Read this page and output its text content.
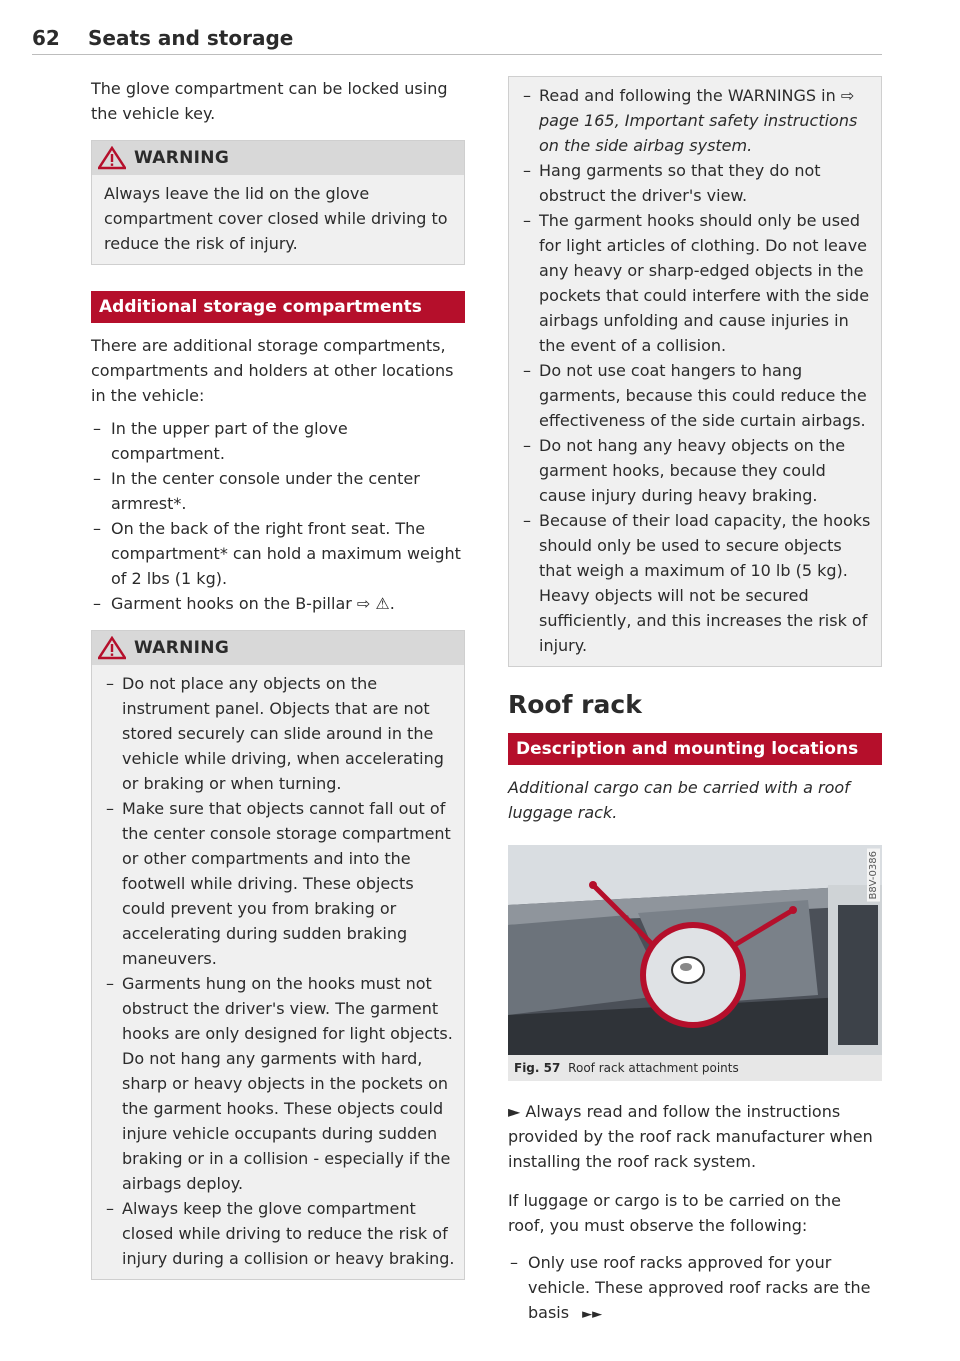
62 Seats and storage

The glove compartment can be locked using the vehicle key.

WARNING

Always leave the lid on the glove compartment cover closed while driving to reduce the risk of injury.

Additional storage compartments

There are additional storage compartments, compartments and holders at other locations in the vehicle:

– In the upper part of the glove compartment.
– In the center console under the center armrest*.
– On the back of the right front seat. The compartment* can hold a maximum weight of 2 lbs (1 kg).
– Garment hooks on the B-pillar ⇨ ⚠.
WARNING
– Do not place any objects on the instrument panel. Objects that are not stored securely can slide around in the vehicle while driving, when accelerating or braking or when turning.
– Make sure that objects cannot fall out of the center console storage compartment or other compartments and into the footwell while driving. These objects could prevent you from braking or accelerating during sudden braking maneuvers.
– Garments hung on the hooks must not obstruct the driver's view. The garment hooks are only designed for light objects. Do not hang any garments with hard, sharp or heavy objects in the pockets on the garment hooks. These objects could injure vehicle occupants during sudden braking or in a collision - especially if the airbags deploy.
– Always keep the glove compartment closed while driving to reduce the risk of injury during a collision or heavy braking.
– Read and following the WARNINGS in ⇨ page 165, Important safety instructions on the side airbag system.
– Hang garments so that they do not obstruct the driver's view.
– The garment hooks should only be used for light articles of clothing. Do not leave any heavy or sharp-edged objects in the pockets that could interfere with the side airbags unfolding and cause injuries in the event of a collision.
– Do not use coat hangers to hang garments, because this could reduce the effectiveness of the side curtain airbags.
– Do not hang any heavy objects on the garment hooks, because they could cause injury during heavy braking.
– Because of their load capacity, the hooks should only be used to secure objects that weigh a maximum of 10 lb (5 kg). Heavy objects will not be secured sufficiently, and this increases the risk of injury.
Roof rack
Description and mounting locations

Additional cargo can be carried with a roof luggage rack.

B8V-0386
Fig. 57 Roof rack attachment points

► Always read and follow the instructions provided by the roof rack manufacturer when installing the roof rack system.

If luggage or cargo is to be carried on the roof, you must observe the following:

– Only use roof racks approved for your vehicle. These approved roof racks are the basis ►►
